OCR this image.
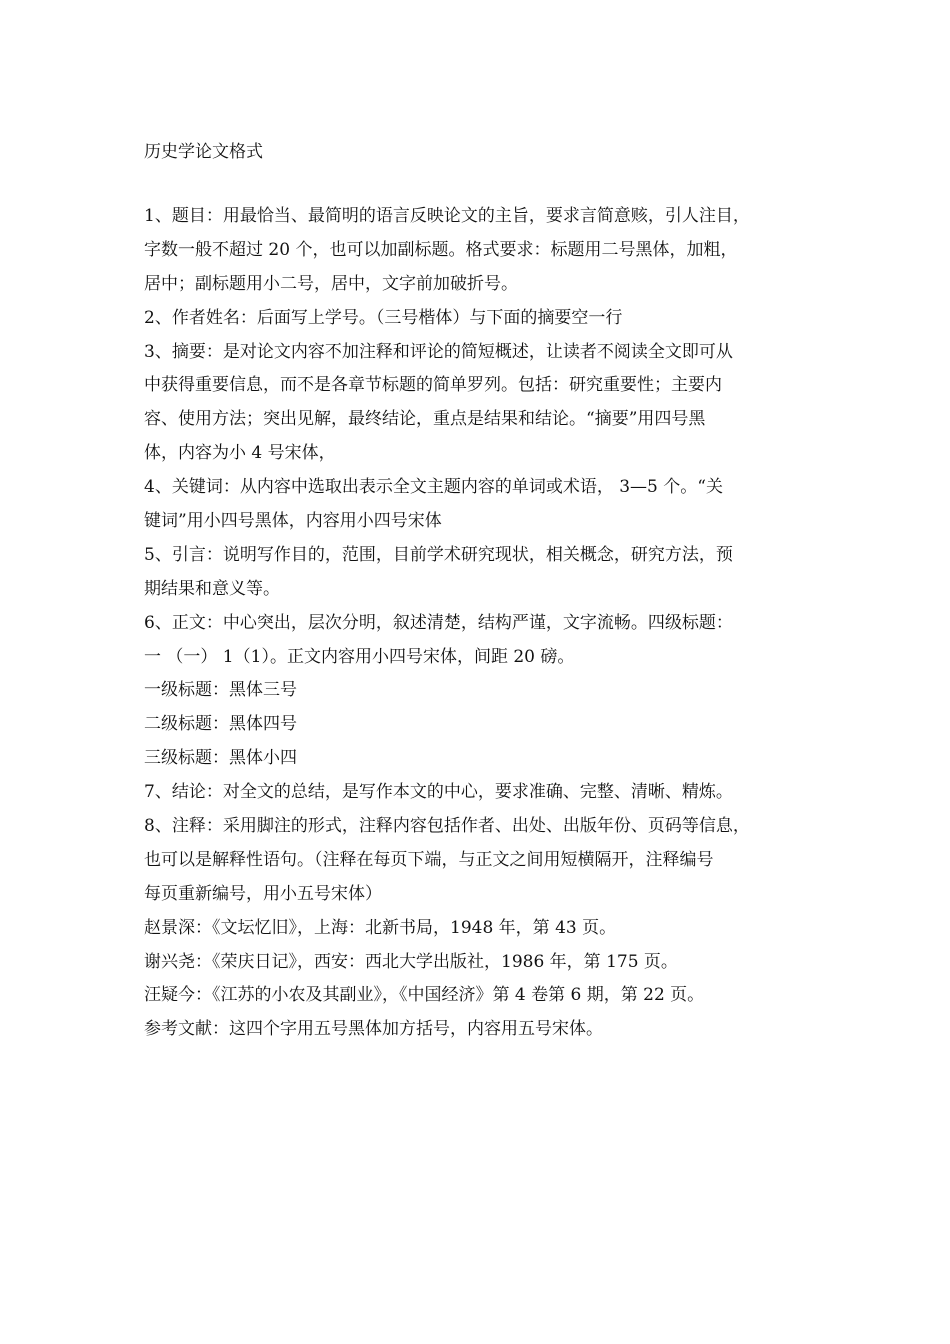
历史学论文格式
1、题目：用最恰当、最简明的语言反映论文的主旨，要求言简意赅，引人注目，
字数一般不超过 20 个，也可以加副标题。格式要求：标题用二号黑体，加粗，
居中；副标题用小二号，居中，文字前加破折号。
2、作者姓名：后面写上学号。（三号楷体）与下面的摘要空一行
3、摘要：是对论文内容不加注释和评论的简短概述，让读者不阅读全文即可从
中获得重要信息，而不是各章节标题的简单罗列。包括：研究重要性；主要内
容、使用方法；突出见解，最终结论，重点是结果和结论。“摘要”用四号黑
体，内容为小 4 号宋体，
4、关键词：从内容中选取出表示全文主题内容的单词或术语， 3—5 个。“关
键词”用小四号黑体，内容用小四号宋体
5、引言：说明写作目的，范围，目前学术研究现状，相关概念，研究方法，预
期结果和意义等。
6、正文：中心突出，层次分明，叙述清楚，结构严谨，文字流畅。四级标题：
一 （一） 1（1）。正文内容用小四号宋体，间距 20 磅。
一级标题：黑体三号
二级标题：黑体四号
三级标题：黑体小四
7、结论：对全文的总结，是写作本文的中心，要求准确、完整、清晰、精炼。
8、注释：采用脚注的形式，注释内容包括作者、出处、出版年份、页码等信息，
也可以是解释性语句。（注释在每页下端，与正文之间用短横隔开，注释编号
每页重新编号，用小五号宋体）
赵景深：《文坛忆旧》，上海：北新书局，1948 年，第 43 页。
谢兴尧：《荣庆日记》，西安：西北大学出版社，1986 年，第 175 页。
汪疑今：《江苏的小农及其副业》，《中国经济》第 4 卷第 6 期，第 22 页。
参考文献：这四个字用五号黑体加方括号，内容用五号宋体。
